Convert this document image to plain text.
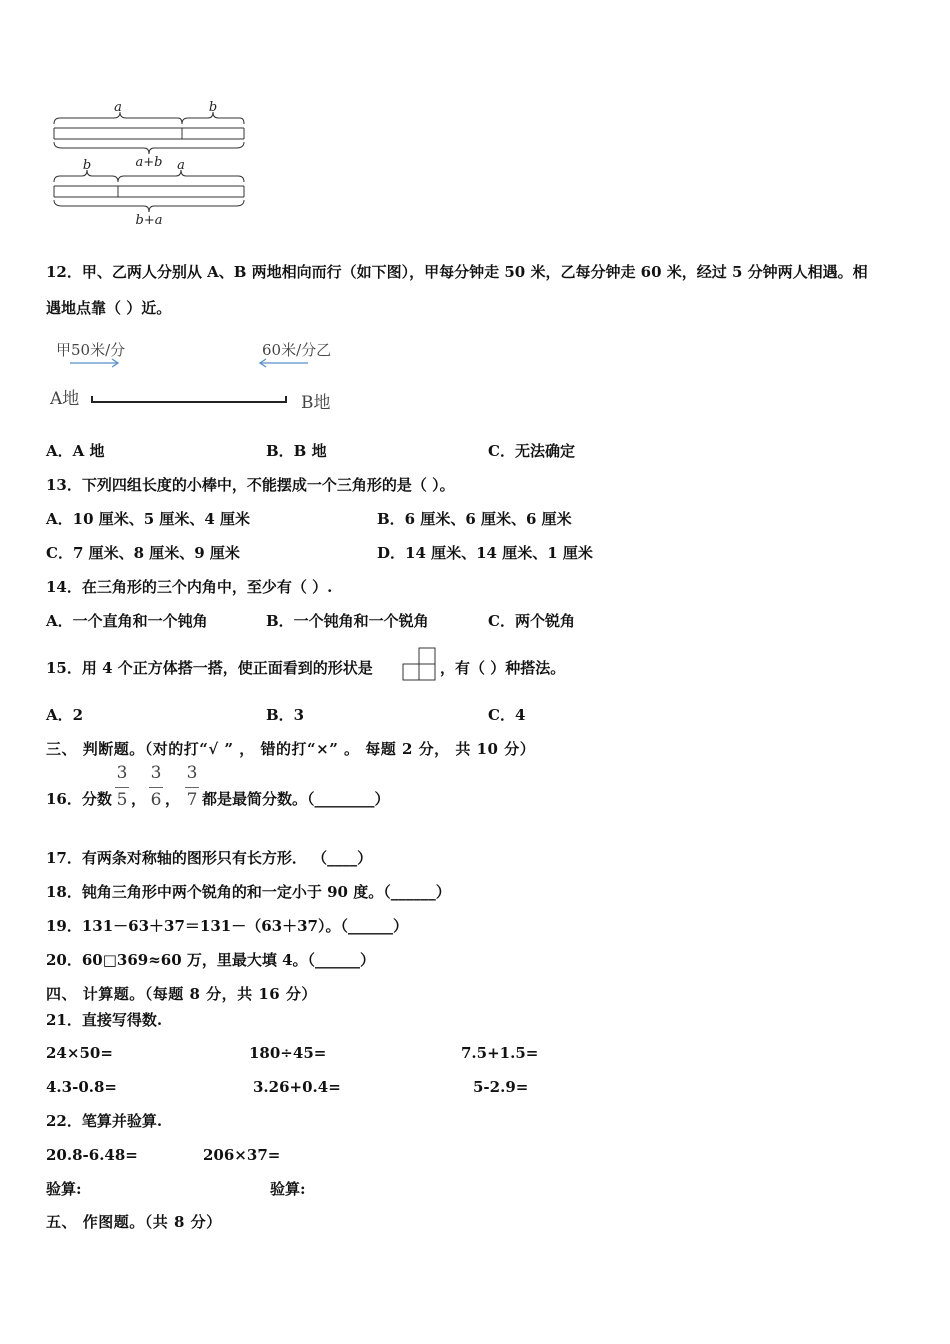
a	b
a+b
b	a
b+a
12．甲、乙两人分别从 A、B 两地相向而行（如下图），甲每分钟走 50 米，乙每分钟走 60 米，经过 5 分钟两人相遇。相
遇地点靠（ ）近。
甲50米/分	60米/分乙
A地	B地
A．A 地	B．B 地	C．无法确定
13．下列四组长度的小棒中，不能摆成一个三角形的是（ ）。
A．10 厘米、5 厘米、4 厘米	B．6 厘米、6 厘米、6 厘米
C．7 厘米、8 厘米、9 厘米	D．14 厘米、14 厘米、1 厘米
14．在三角形的三个内角中，至少有（ ）.
A．一个直角和一个钝角	B．一个钝角和一个锐角	C．两个锐角
15．用 4 个正方体搭一搭，使正面看到的形状是	，有（ ）种搭法。
A．2	B．3	C．4
三、 判断题。（对的打“√ ” ， 错的打“×” 。 每题 2 分， 共 10 分）
16．分数
3
5 ，
3
6 ，
3
7 都是最简分数。（________）
17．有两条对称轴的图形只有长方形． （____）
18．钝角三角形中两个锐角的和一定小于 90 度。（______）
19．131－63＋37＝131－（63＋37）。（______）
20．60□369≈60 万，里最大填 4。（______）
四、 计算题。（每题 8 分，共 16 分）
21．直接写得数.
24×50=	180÷45=	7.5+1.5=
4.3-0.8=	3.26+0.4=	5-2.9=
22．笔算并验算.
20.8-6.48=	206×37=
验算:	验算:
五、 作图题。（共 8 分）
